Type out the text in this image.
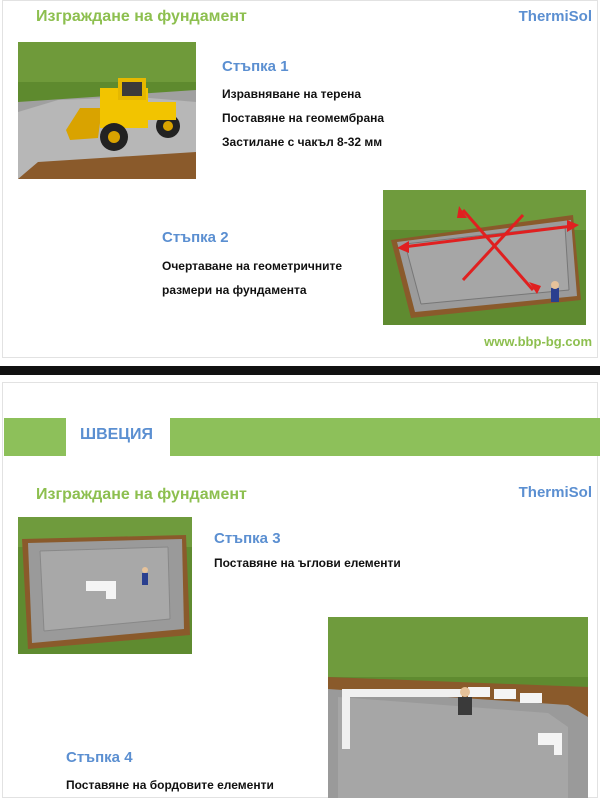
Изграждане на фундамент	ThermiSol
Стъпка 1
Изравняване на терена
Поставяне на геомембрана
Застилане с чакъл 8-32 мм
Стъпка 2
Очертаване на геометричните
размери на фундамента
www.bbp-bg.com
ШВЕЦИЯ
Изграждане на фундамент	ThermiSol
Стъпка 3
Поставяне на ъглови елементи
Стъпка 4
Поставяне на бордовите елементи
